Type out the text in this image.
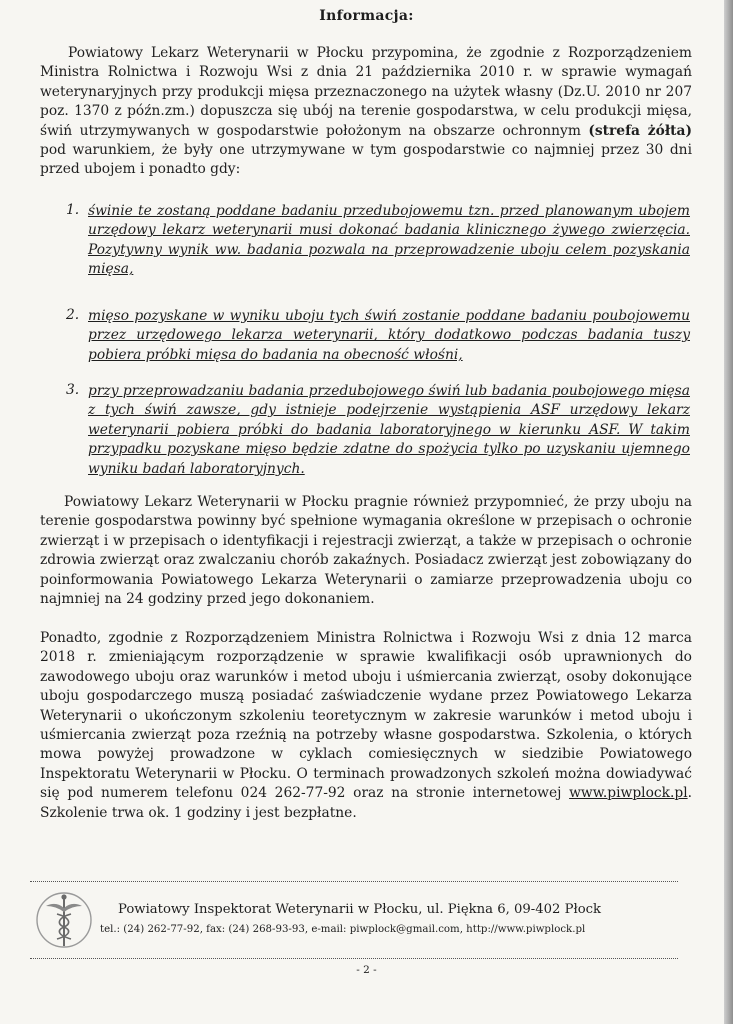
Informacja:
Powiatowy Lekarz Weterynarii w Płocku przypomina, że zgodnie z Rozporządzeniem Ministra Rolnictwa i Rozwoju Wsi z dnia 21 października 2010 r. w sprawie wymagań weterynaryjnych przy produkcji mięsa przeznaczonego na użytek własny (Dz.U. 2010 nr 207 poz. 1370 z późn.zm.) dopuszcza się ubój na terenie gospodarstwa, w celu produkcji mięsa, świń utrzymywanych w gospodarstwie położonym na obszarze ochronnym (strefa żółta) pod warunkiem, że były one utrzymywane w tym gospodarstwie co najmniej przez 30 dni przed ubojem i ponadto gdy:
1. świnie te zostaną poddane badaniu przedubojowemu tzn. przed planowanym ubojem urzędowy lekarz weterynarii musi dokonać badania klinicznego żywego zwierzęcia. Pozytywny wynik ww. badania pozwala na przeprowadzenie uboju celem pozyskania mięsa,
2. mięso pozyskane w wyniku uboju tych świń zostanie poddane badaniu poubojowemu przez urzędowego lekarza weterynarii, który dodatkowo podczas badania tuszy pobiera próbki mięsa do badania na obecność włośni,
3. przy przeprowadzaniu badania przedubojowego świń lub badania poubojowego mięsa z tych świń zawsze, gdy istnieje podejrzenie wystąpienia ASF urzędowy lekarz weterynarii pobiera próbki do badania laboratoryjnego w kierunku ASF. W takim przypadku pozyskane mięso będzie zdatne do spożycia tylko po uzyskaniu ujemnego wyniku badań laboratoryjnych.
Powiatowy Lekarz Weterynarii w Płocku pragnie również przypomnieć, że przy uboju na terenie gospodarstwa powinny być spełnione wymagania określone w przepisach o ochronie zwierząt i w przepisach o identyfikacji i rejestracji zwierząt, a także w przepisach o ochronie zdrowia zwierząt oraz zwalczaniu chorób zakaźnych. Posiadacz zwierząt jest zobowiązany do poinformowania Powiatowego Lekarza Weterynarii o zamiarze przeprowadzenia uboju co najmniej na 24 godziny przed jego dokonaniem.
Ponadto, zgodnie z Rozporządzeniem Ministra Rolnictwa i Rozwoju Wsi z dnia 12 marca 2018 r. zmieniającym rozporządzenie w sprawie kwalifikacji osób uprawnionych do zawodowego uboju oraz warunków i metod uboju i uśmiercania zwierząt, osoby dokonujące uboju gospodarczego muszą posiadać zaświadczenie wydane przez Powiatowego Lekarza Weterynarii o ukończonym szkoleniu teoretycznym w zakresie warunków i metod uboju i uśmiercania zwierząt poza rzeźnią na potrzeby własne gospodarstwa. Szkolenia, o których mowa powyżej prowadzone w cyklach comiesięcznych w siedzibie Powiatowego Inspektoratu Weterynarii w Płocku. O terminach prowadzonych szkoleń można dowiadywać się pod numerem telefonu 024 262-77-92 oraz na stronie internetowej www.piwplock.pl. Szkolenie trwa ok. 1 godziny i jest bezpłatne.
Powiatowy Inspektorat Weterynarii w Płocku, ul. Piękna 6, 09-402 Płock
tel.: (24) 262-77-92, fax: (24) 268-93-93, e-mail: piwplock@gmail.com, http://www.piwplock.pl
- 2 -
